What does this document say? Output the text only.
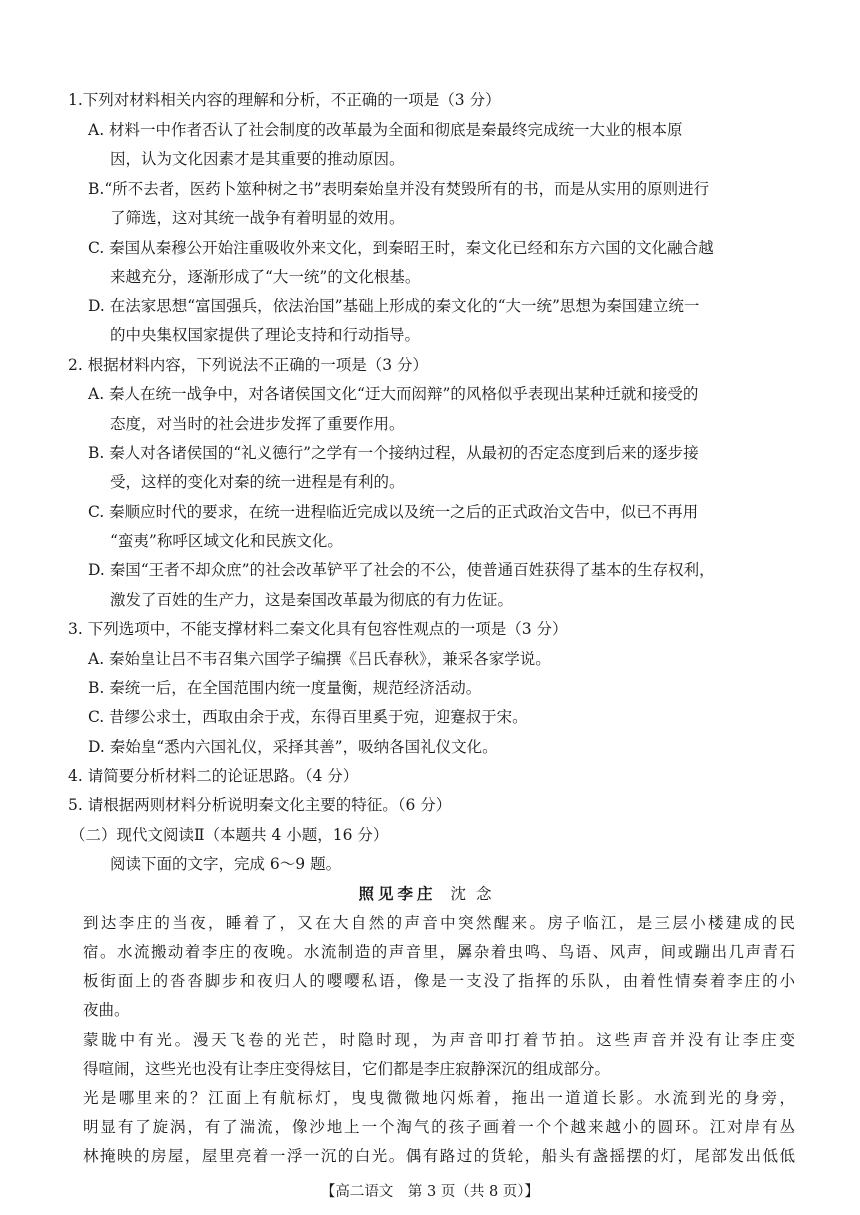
1.下列对材料相关内容的理解和分析，不正确的一项是（3 分）
A. 材料一中作者否认了社会制度的改革最为全面和彻底是秦最终完成统一大业的根本原
因，认为文化因素才是其重要的推动原因。
B.“所不去者，医药卜筮种树之书”表明秦始皇并没有焚毁所有的书，而是从实用的原则进行
了筛选，这对其统一战争有着明显的效用。
C. 秦国从秦穆公开始注重吸收外来文化，到秦昭王时，秦文化已经和东方六国的文化融合越
来越充分，逐渐形成了“大一统”的文化根基。
D. 在法家思想“富国强兵，依法治国”基础上形成的秦文化的“大一统”思想为秦国建立统一
的中央集权国家提供了理论支持和行动指导。
2. 根据材料内容，下列说法不正确的一项是（3 分）
A. 秦人在统一战争中，对各诸侯国文化“迂大而闳辩”的风格似乎表现出某种迁就和接受的
态度，对当时的社会进步发挥了重要作用。
B. 秦人对各诸侯国的“礼义德行”之学有一个接纳过程，从最初的否定态度到后来的逐步接
受，这样的变化对秦的统一进程是有利的。
C. 秦顺应时代的要求，在统一进程临近完成以及统一之后的正式政治文告中，似已不再用
“蛮夷”称呼区域文化和民族文化。
D. 秦国“王者不却众庶”的社会改革铲平了社会的不公，使普通百姓获得了基本的生存权利，
激发了百姓的生产力，这是秦国改革最为彻底的有力佐证。
3. 下列选项中，不能支撑材料二秦文化具有包容性观点的一项是（3 分）
A. 秦始皇让吕不韦召集六国学子编撰《吕氏春秋》，兼采各家学说。
B. 秦统一后，在全国范围内统一度量衡，规范经济活动。
C. 昔缪公求士，西取由余于戎，东得百里奚于宛，迎蹇叔于宋。
D. 秦始皇“悉内六国礼仪，采择其善”，吸纳各国礼仪文化。
4. 请简要分析材料二的论证思路。（4 分）
5. 请根据两则材料分析说明秦文化主要的特征。（6 分）
（二）现代文阅读Ⅱ（本题共 4 小题，16 分）
阅读下面的文字，完成 6～9 题。
照见李庄 沈念
到达李庄的当夜，睡着了，又在大自然的声音中突然醒来。房子临江，是三层小楼建成的民
宿。水流搬动着李庄的夜晚。水流制造的声音里，羼杂着虫鸣、鸟语、风声，间或蹦出几声青石
板街面上的沓沓脚步和夜归人的嘤嘤私语，像是一支没了指挥的乐队，由着性情奏着李庄的小
夜曲。
蒙眬中有光。漫天飞卷的光芒，时隐时现，为声音叩打着节拍。这些声音并没有让李庄变
得喧闹，这些光也没有让李庄变得炫目，它们都是李庄寂静深沉的组成部分。
光是哪里来的？江面上有航标灯，曳曳微微地闪烁着，拖出一道道长影。水流到光的身旁，
明显有了旋涡，有了湍流，像沙地上一个淘气的孩子画着一个个越来越小的圆环。江对岸有丛
林掩映的房屋，屋里亮着一浮一沉的白光。偶有路过的货轮，船头有盏摇摆的灯，尾部发出低低
【高二语文　第 3 页（共 8 页）】
